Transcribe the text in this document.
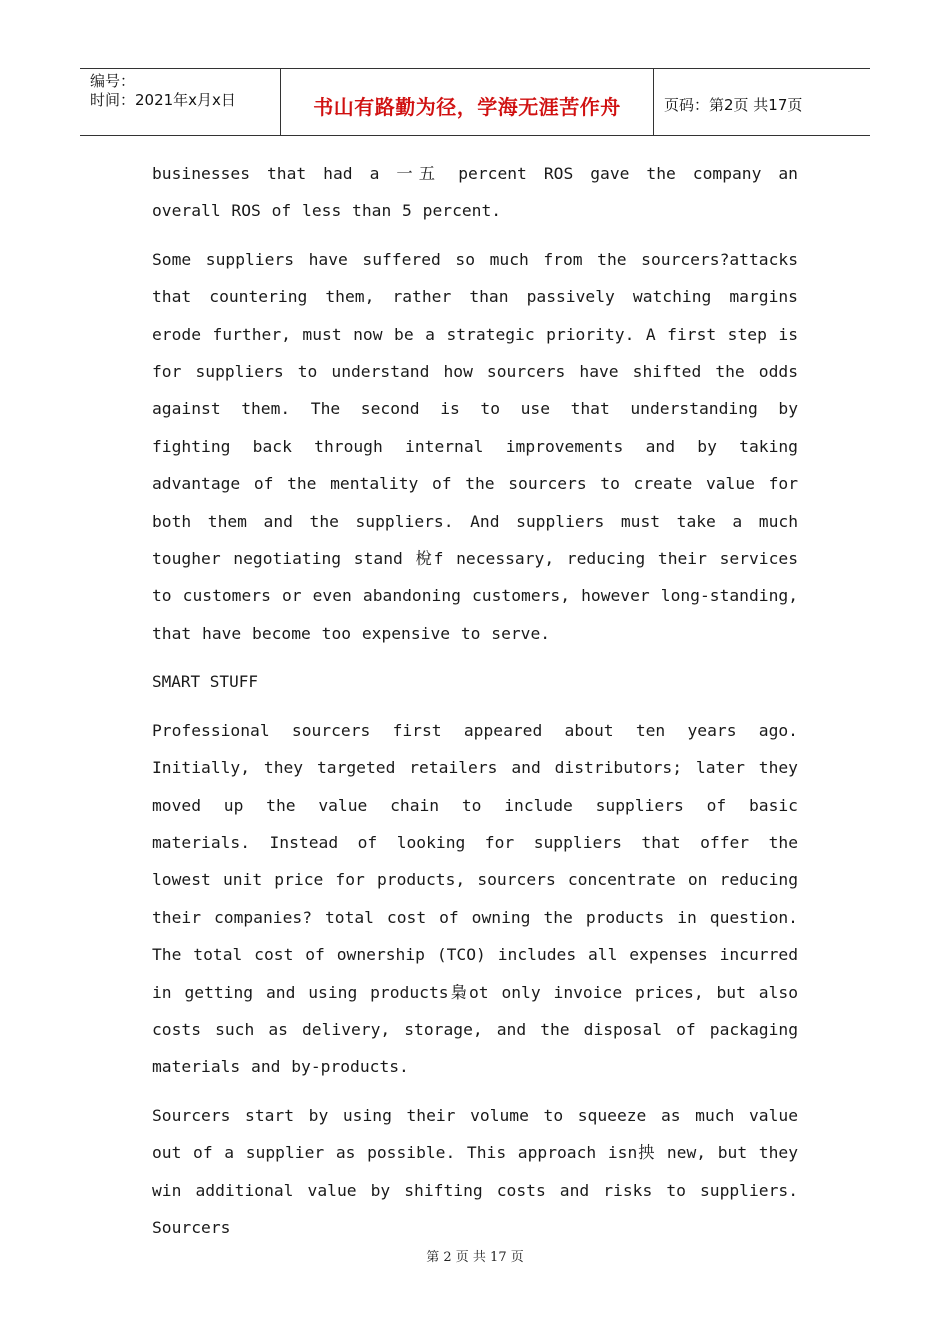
编号：
时间：2021年x月x日	书山有路勤为径，学海无涯苦作舟	页码：第2页 共17页

businesses that had a 一五 percent ROS gave the company an overall ROS of less than 5 percent.

Some suppliers have suffered so much from the sourcers?attacks that countering them, rather than passively watching margins erode further, must now be a strategic priority. A first step is for suppliers to understand how sourcers have shifted the odds against them. The second is to use that understanding by fighting back through internal improvements and by taking advantage of the mentality of the sourcers to create value for both them and the suppliers. And suppliers must take a much tougher negotiating stand 梲f necessary, reducing their services to customers or even abandoning customers, however long-standing, that have become too expensive to serve.

SMART STUFF

Professional sourcers first appeared about ten years ago. Initially, they targeted retailers and distributors; later they moved up the value chain to include suppliers of basic materials. Instead of looking for suppliers that offer the lowest unit price for products, sourcers concentrate on reducing their companies? total cost of owning the products in question. The total cost of ownership (TCO) includes all expenses incurred in getting and using products梟ot only invoice prices, but also costs such as delivery, storage, and the disposal of packaging materials and by-products.

Sourcers start by using their volume to squeeze as much value out of a supplier as possible. This approach isn抰 new, but they win additional value by shifting costs and risks to suppliers. Sourcers

第 2 页 共 17 页
